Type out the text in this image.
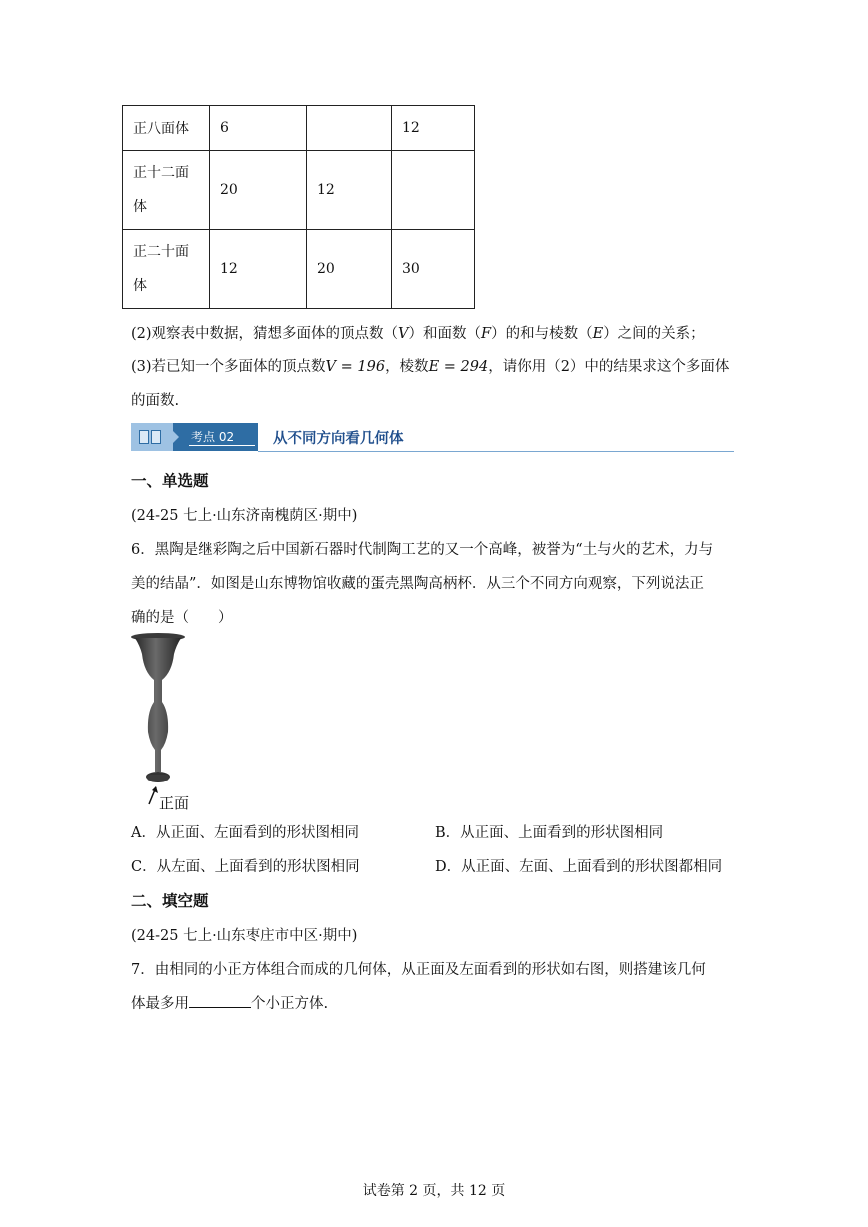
正八面体	6		12
正十二面
体	20	12	
正二十面
体	12	20	30
(2)观察表中数据，猜想多面体的顶点数（V）和面数（F）的和与棱数（E）之间的关系；
(3)若已知一个多面体的顶点数V = 196，棱数E = 294，请你用（2）中的结果求这个多面体
的面数.
考点 02	从不同方向看几何体
一、单选题
(24-25 七上·山东济南槐荫区·期中)
6．黑陶是继彩陶之后中国新石器时代制陶工艺的又一个高峰，被誉为“土与火的艺术，力与
美的结晶”．如图是山东博物馆收藏的蛋壳黑陶高柄杯．从三个不同方向观察，下列说法正
确的是（　　）
正面
A．从正面、左面看到的形状图相同	B．从正面、上面看到的形状图相同
C．从左面、上面看到的形状图相同	D．从正面、左面、上面看到的形状图都相同
二、填空题
(24-25 七上·山东枣庄市中区·期中)
7．由相同的小正方体组合而成的几何体，从正面及左面看到的形状如右图，则搭建该几何
体最多用	个小正方体.
试卷第 2 页，共 12 页
